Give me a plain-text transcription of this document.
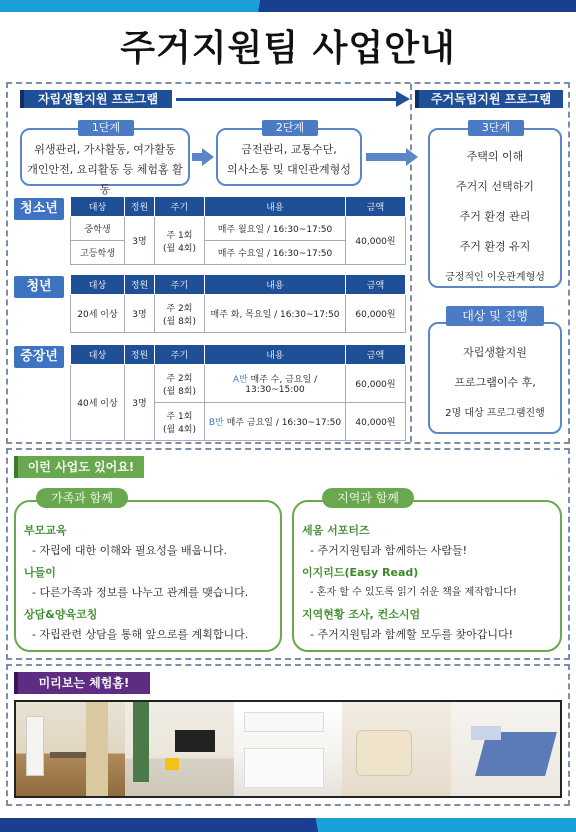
주거지원팀 사업안내
자립생활지원 프로그램	주거독립지원 프로그램
위생관리, 가사활동, 여가활동
개인안전, 요리활동 등 체험홈 활동
1단계
금전관리, 교통수단,
의사소통 및 대인관계형성
2단계	3단계
주택의 이해
주거지 선택하기
주거 환경 관리
주거 환경 유지
긍정적인 이웃관계형성
대상 및 진행
자립생활지원
프로그램이수 후,
2명 대상 프로그램진행
청소년	대상	정원	주기	내용	금액
중학생	3명	주 1회
(월 4회)	매주 월요일 / 16:30~17:50	40,000원
고등학생			매주 수요일 / 16:30~17:50	
청년	대상	정원	주기	내용	금액
20세 이상	3명	주 2회
(월 8회)	매주 화, 목요일 / 16:30~17:50	60,000원
중장년	대상	정원	주기	내용	금액
40세 이상	3명	주 2회
(월 8회)	A반 매주 수, 금요일 / 13:30~15:00	60,000원
		주 1회
(월 4회)	B반 매주 금요일 / 16:30~17:50	40,000원
이런 사업도 있어요!
가족과 함께
부모교육
- 자립에 대한 이해와 필요성을 배웁니다.
나들이
- 다른가족과 정보를 나누고 관계를 맺습니다.
상담&양육코칭
- 자립관련 상담을 통해 앞으로를 계획합니다.
지역과 함께
세움 서포터즈
- 주거지원팀과 함께하는 사람들!
이지리드(Easy Read)
- 혼자 할 수 있도록 읽기 쉬운 책을 제작합니다!
지역현황 조사, 컨소시엄
- 주거지원팀과 함께할 모두를 찾아갑니다!
미리보는 체험홈!
